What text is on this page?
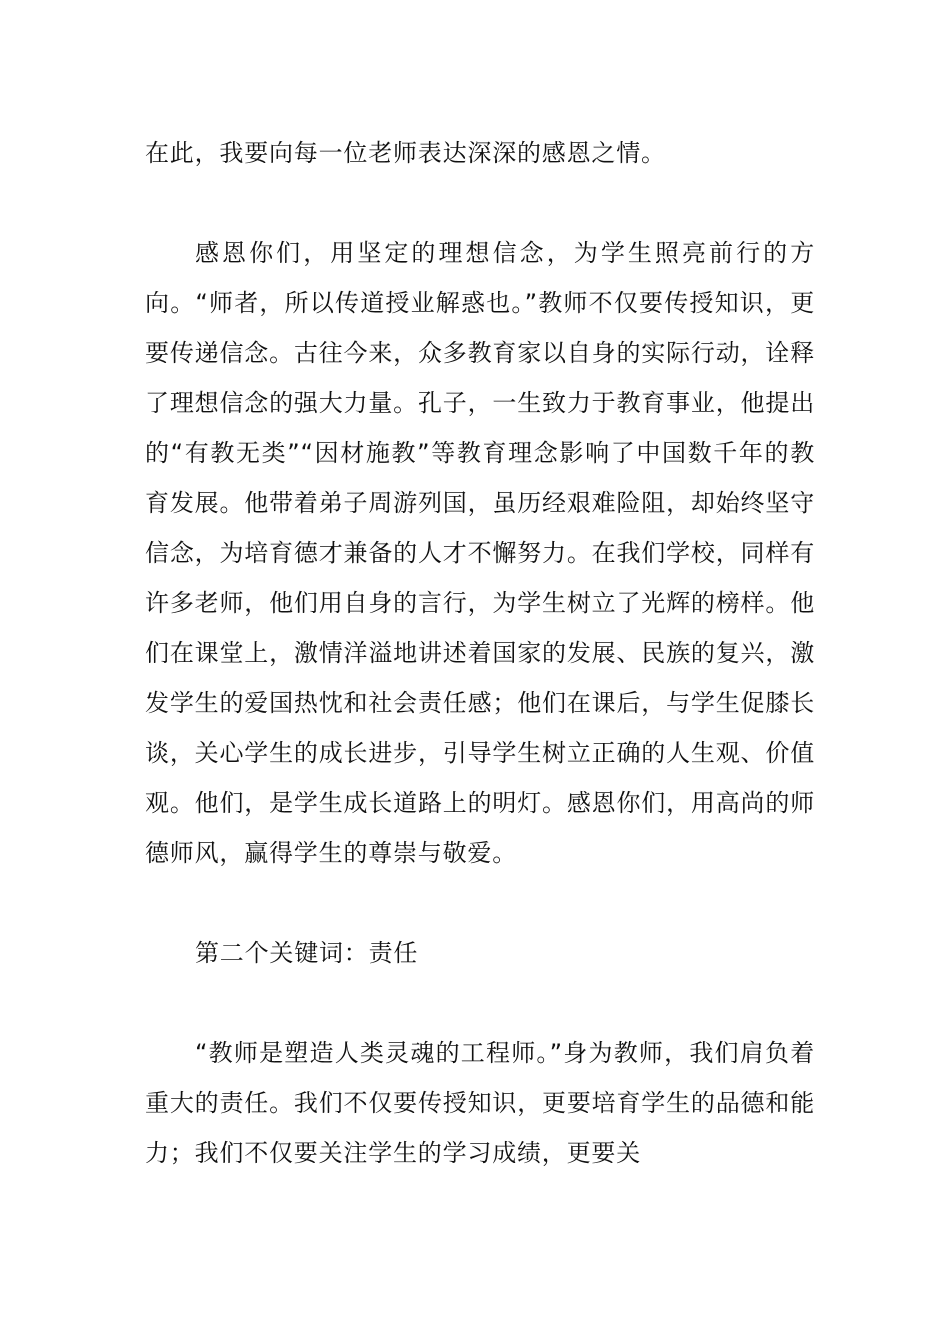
在此，我要向每一位老师表达深深的感恩之情。

感恩你们，用坚定的理想信念，为学生照亮前行的方向。“师者，所以传道授业解惑也。”教师不仅要传授知识，更要传递信念。古往今来，众多教育家以自身的实际行动，诠释了理想信念的强大力量。孔子，一生致力于教育事业，他提出的“有教无类”“因材施教”等教育理念影响了中国数千年的教育发展。他带着弟子周游列国，虽历经艰难险阻，却始终坚守信念，为培育德才兼备的人才不懈努力。在我们学校，同样有许多老师，他们用自身的言行，为学生树立了光辉的榜样。他们在课堂上，激情洋溢地讲述着国家的发展、民族的复兴，激发学生的爱国热忱和社会责任感；他们在课后，与学生促膝长谈，关心学生的成长进步，引导学生树立正确的人生观、价值观。他们，是学生成长道路上的明灯。感恩你们，用高尚的师德师风，赢得学生的尊崇与敬爱。

第二个关键词：责任

“教师是塑造人类灵魂的工程师。”身为教师，我们肩负着重大的责任。我们不仅要传授知识，更要培育学生的品德和能力；我们不仅要关注学生的学习成绩，更要关
